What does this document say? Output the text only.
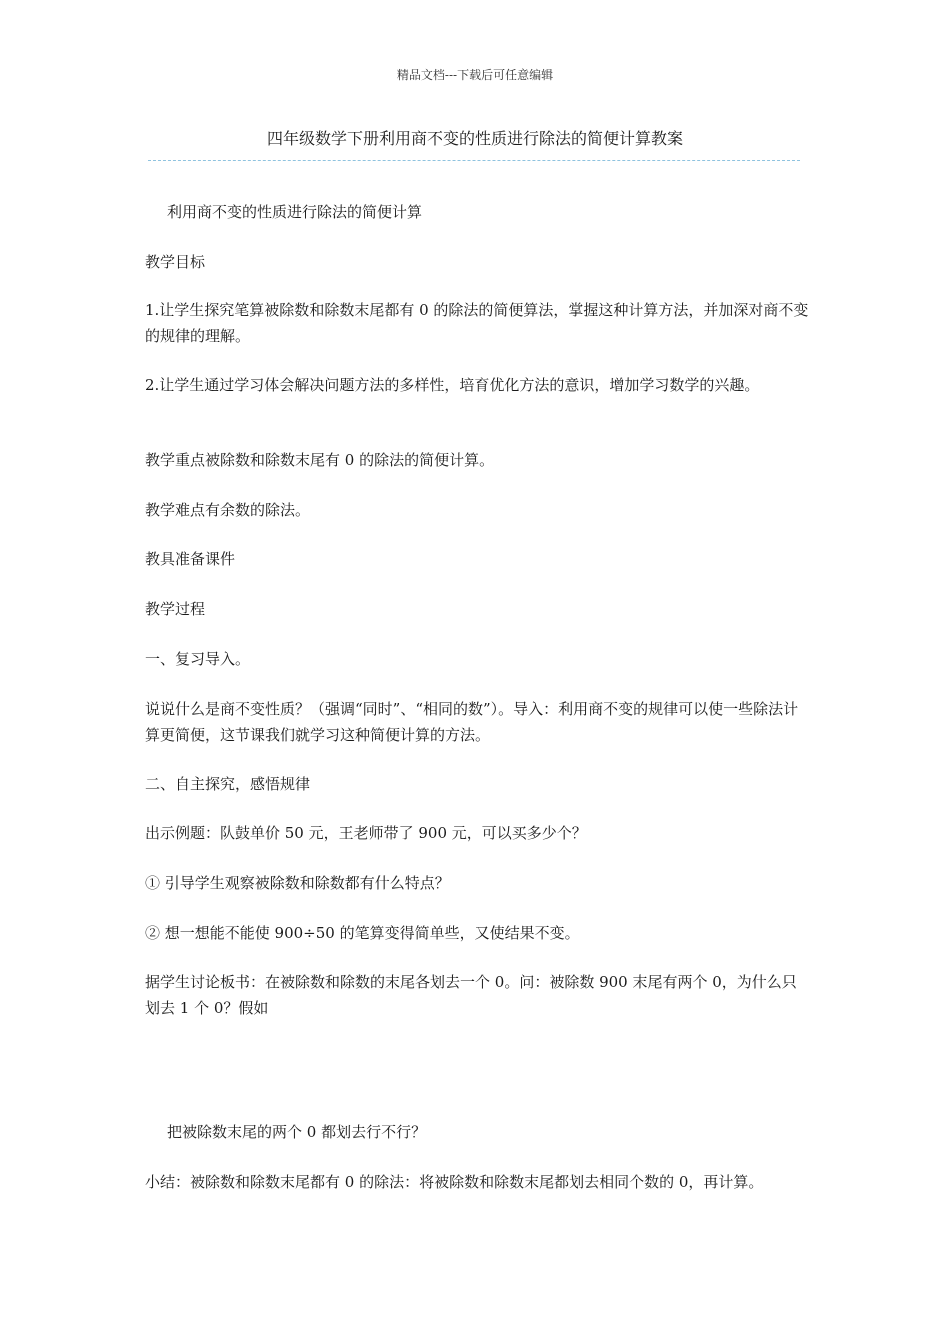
精品文档---下载后可任意编辑
四年级数学下册利用商不变的性质进行除法的简便计算教案

利用商不变的性质进行除法的简便计算

教学目标

1.让学生探究笔算被除数和除数末尾都有 0 的除法的简便算法，掌握这种计算方法，并加深对商不变的规律的理解。

2.让学生通过学习体会解决问题方法的多样性，培育优化方法的意识，增加学习数学的兴趣。

教学重点被除数和除数末尾有 0 的除法的简便计算。

教学难点有余数的除法。

教具准备课件

教学过程

一、复习导入。

说说什么是商不变性质？（强调“同时”、“相同的数”）。导入：利用商不变的规律可以使一些除法计算更简便，这节课我们就学习这种简便计算的方法。

二、自主探究，感悟规律

出示例题：队鼓单价 50 元，王老师带了 900 元，可以买多少个？

① 引导学生观察被除数和除数都有什么特点？

② 想一想能不能使 900÷50 的笔算变得简单些，又使结果不变。

据学生讨论板书：在被除数和除数的末尾各划去一个 0。问：被除数 900 末尾有两个 0，为什么只划去 1 个 0？假如

把被除数末尾的两个 0 都划去行不行？

小结：被除数和除数末尾都有 0 的除法：将被除数和除数末尾都划去相同个数的 0，再计算。
